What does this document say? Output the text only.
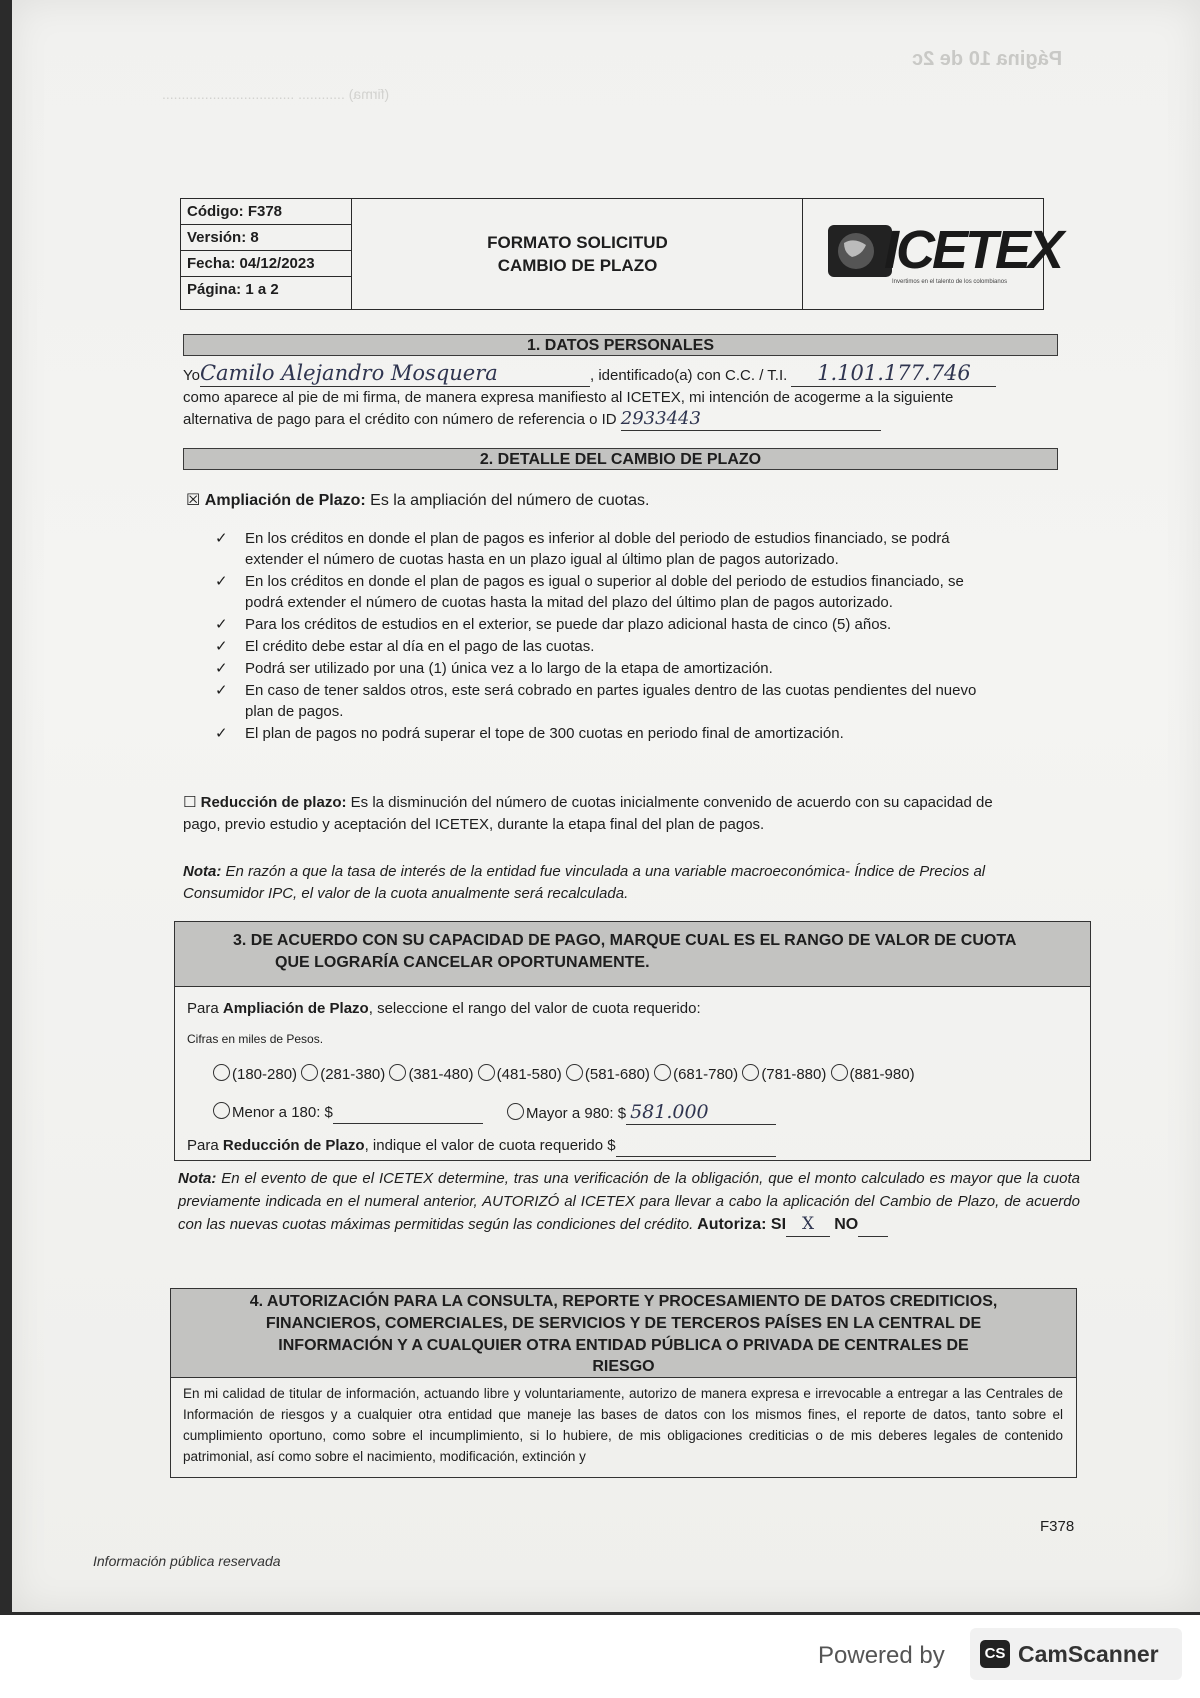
Página 10 de 2c
(firma) ............ ..................................
Código: F378
Versión: 8
Fecha: 04/12/2023
Página: 1 a 2
FORMATO SOLICITUD
CAMBIO DE PLAZO	ICETEX
Invertimos en el talento de los colombianos
1. DATOS PERSONALES
YoCamilo Alejandro Mosquera	, identificado(a) con C.C. / T.I. 1.101.177.746
como aparece al pie de mi firma, de manera expresa manifiesto al ICETEX, mi intención de acogerme a la siguiente
alternativa de pago para el crédito con número de referencia o ID 2933443
2. DETALLE DEL CAMBIO DE PLAZO
☒ Ampliación de Plazo: Es la ampliación del número de cuotas.
✓ En los créditos en donde el plan de pagos es inferior al doble del periodo de estudios financiado, se podrá extender el número de cuotas hasta en un plazo igual al último plan de pagos autorizado.
✓ En los créditos en donde el plan de pagos es igual o superior al doble del periodo de estudios financiado, se podrá extender el número de cuotas hasta la mitad del plazo del último plan de pagos autorizado.
✓ Para los créditos de estudios en el exterior, se puede dar plazo adicional hasta de cinco (5) años.
✓ El crédito debe estar al día en el pago de las cuotas.
✓ Podrá ser utilizado por una (1) única vez a lo largo de la etapa de amortización.
✓ En caso de tener saldos otros, este será cobrado en partes iguales dentro de las cuotas pendientes del nuevo plan de pagos.
✓ El plan de pagos no podrá superar el tope de 300 cuotas en periodo final de amortización.
☐ Reducción de plazo: Es la disminución del número de cuotas inicialmente convenido de acuerdo con su capacidad de pago, previo estudio y aceptación del ICETEX, durante la etapa final del plan de pagos.
Nota: En razón a que la tasa de interés de la entidad fue vinculada a una variable macroeconómica- Índice de Precios al Consumidor IPC, el valor de la cuota anualmente será recalculada.
3. DE ACUERDO CON SU CAPACIDAD DE PAGO, MARQUE CUAL ES EL RANGO DE VALOR DE CUOTA
QUE LOGRARÍA CANCELAR OPORTUNAMENTE.
Para Ampliación de Plazo, seleccione el rango del valor de cuota requerido:
Cifras en miles de Pesos.
(180-280) (281-380) (381-480) (481-580) (581-680) (681-780) (781-880) (881-980)
Menor a 180: $	Mayor a 980: $ 581.000
Para Reducción de Plazo, indique el valor de cuota requerido $
Nota: En el evento de que el ICETEX determine, tras una verificación de la obligación, que el monto calculado es mayor que la cuota previamente indicada en el numeral anterior, AUTORIZÓ al ICETEX para llevar a cabo la aplicación del Cambio de Plazo, de acuerdo con las nuevas cuotas máximas permitidas según las condiciones del crédito. Autoriza: SI X NO
4. AUTORIZACIÓN PARA LA CONSULTA, REPORTE Y PROCESAMIENTO DE DATOS CREDITICIOS,
FINANCIEROS, COMERCIALES, DE SERVICIOS Y DE TERCEROS PAÍSES EN LA CENTRAL DE
INFORMACIÓN Y A CUALQUIER OTRA ENTIDAD PÚBLICA O PRIVADA DE CENTRALES DE
RIESGO
En mi calidad de titular de información, actuando libre y voluntariamente, autorizo de manera expresa e irrevocable a entregar a las Centrales de Información de riesgos y a cualquier otra entidad que maneje las bases de datos con los mismos fines, el reporte de datos, tanto sobre el cumplimiento oportuno, como sobre el incumplimiento, si lo hubiere, de mis obligaciones crediticias o de mis deberes legales de contenido patrimonial, así como sobre el nacimiento, modificación, extinción y
F378
Información pública reservada
Powered by	CS CamScanner
